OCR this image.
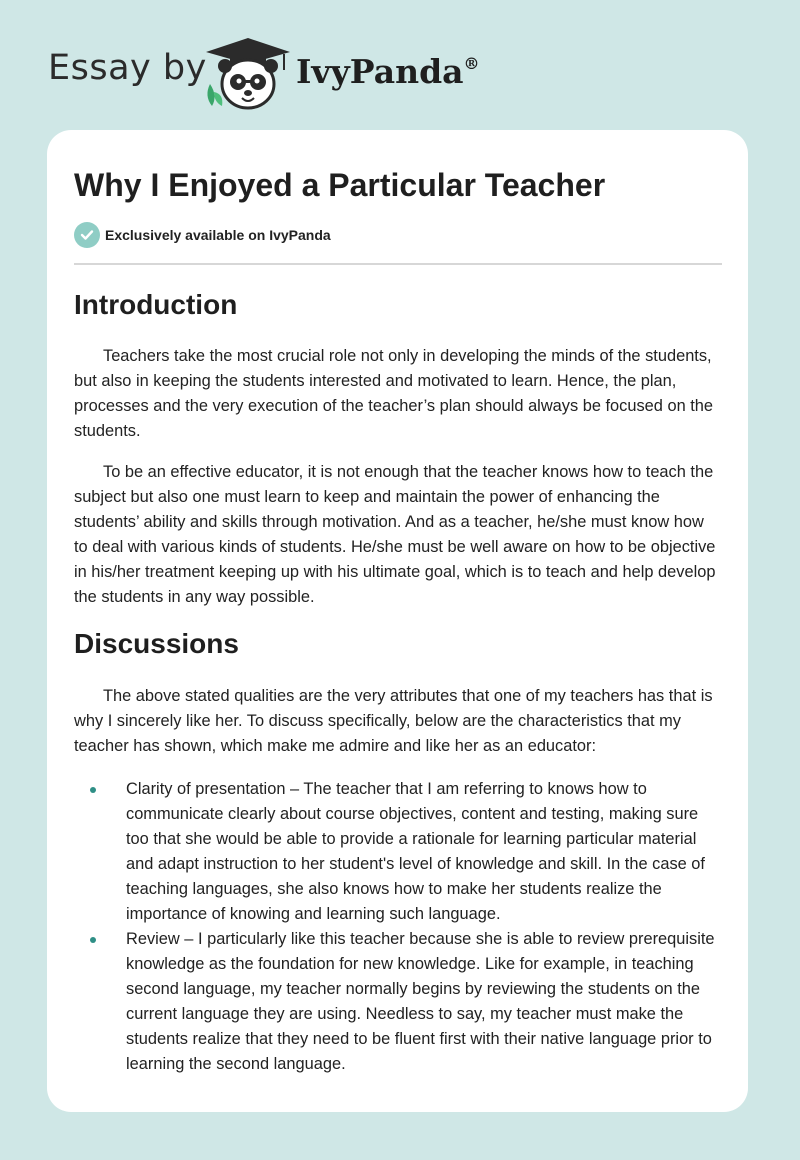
Essay by	IvyPanda®
Why I Enjoyed a Particular Teacher
Exclusively available on IvyPanda
Introduction

Teachers take the most crucial role not only in developing the minds of the students, but also in keeping the students interested and motivated to learn. Hence, the plan, processes and the very execution of the teacher’s plan should always be focused on the students.

To be an effective educator, it is not enough that the teacher knows how to teach the subject but also one must learn to keep and maintain the power of enhancing the students’ ability and skills through motivation. And as a teacher, he/she must know how to deal with various kinds of students. He/she must be well aware on how to be objective in his/her treatment keeping up with his ultimate goal, which is to teach and help develop the students in any way possible.

Discussions

The above stated qualities are the very attributes that one of my teachers has that is why I sincerely like her. To discuss specifically, below are the characteristics that my teacher has shown, which make me admire and like her as an educator:

Clarity of presentation – The teacher that I am referring to knows how to communicate clearly about course objectives, content and testing, making sure too that she would be able to provide a rationale for learning particular material and adapt instruction to her student's level of knowledge and skill. In the case of teaching languages, she also knows how to make her students realize the importance of knowing and learning such language.
Review – I particularly like this teacher because she is able to review prerequisite knowledge as the foundation for new knowledge. Like for example, in teaching second language, my teacher normally begins by reviewing the students on the current language they are using. Needless to say, my teacher must make the students realize that they need to be fluent first with their native language prior to learning the second language.
